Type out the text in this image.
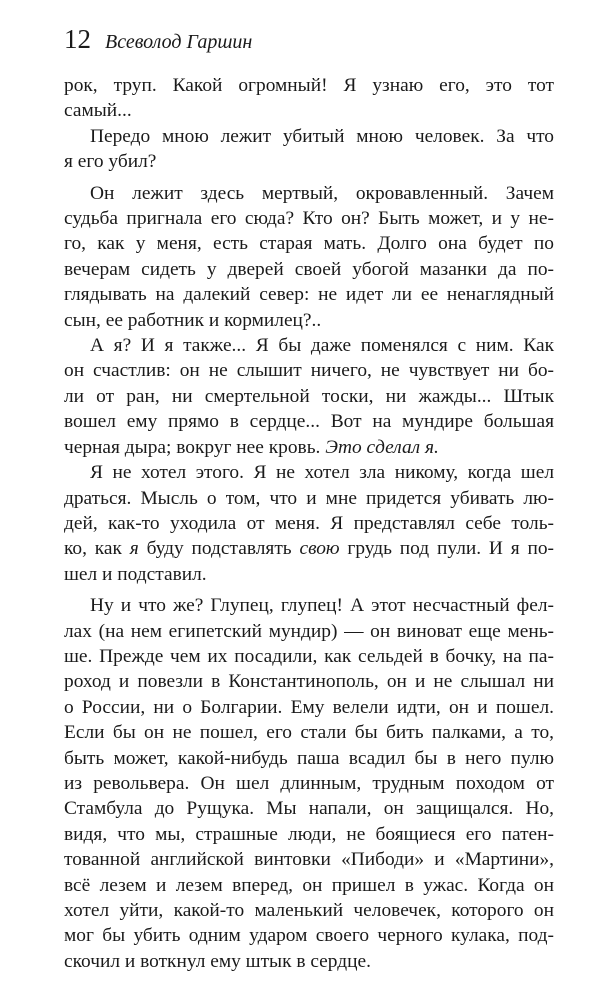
12 Всеволод Гаршин
рок, труп. Какой огромный! Я узнаю его, это тот
самый...
Передо мною лежит убитый мною человек. За что
я его убил?
Он лежит здесь мертвый, окровавленный. Зачем
судьба пригнала его сюда? Кто он? Быть может, и у не-
го, как у меня, есть старая мать. Долго она будет по
вечерам сидеть у дверей своей убогой мазанки да по-
глядывать на далекий север: не идет ли ее ненаглядный
сын, ее работник и кормилец?..
А я? И я также... Я бы даже поменялся с ним. Как
он счастлив: он не слышит ничего, не чувствует ни бо-
ли от ран, ни смертельной тоски, ни жажды... Штык
вошел ему прямо в сердце... Вот на мундире большая
черная дыра; вокруг нее кровь. Это сделал я.
Я не хотел этого. Я не хотел зла никому, когда шел
драться. Мысль о том, что и мне придется убивать лю-
дей, как-то уходила от меня. Я представлял себе толь-
ко, как я буду подставлять свою грудь под пули. И я по-
шел и подставил.
Ну и что же? Глупец, глупец! А этот несчастный фел-
лах (на нем египетский мундир) — он виноват еще мень-
ше. Прежде чем их посадили, как сельдей в бочку, на па-
роход и повезли в Константинополь, он и не слышал ни
о России, ни о Болгарии. Ему велели идти, он и пошел.
Если бы он не пошел, его стали бы бить палками, а то,
быть может, какой-нибудь паша всадил бы в него пулю
из револьвера. Он шел длинным, трудным походом от
Стамбула до Рущука. Мы напали, он защищался. Но,
видя, что мы, страшные люди, не боящиеся его патен-
тованной английской винтовки «Пибоди» и «Мартини»,
всё лезем и лезем вперед, он пришел в ужас. Когда он
хотел уйти, какой-то маленький человечек, которого он
мог бы убить одним ударом своего черного кулака, под-
скочил и воткнул ему штык в сердце.
